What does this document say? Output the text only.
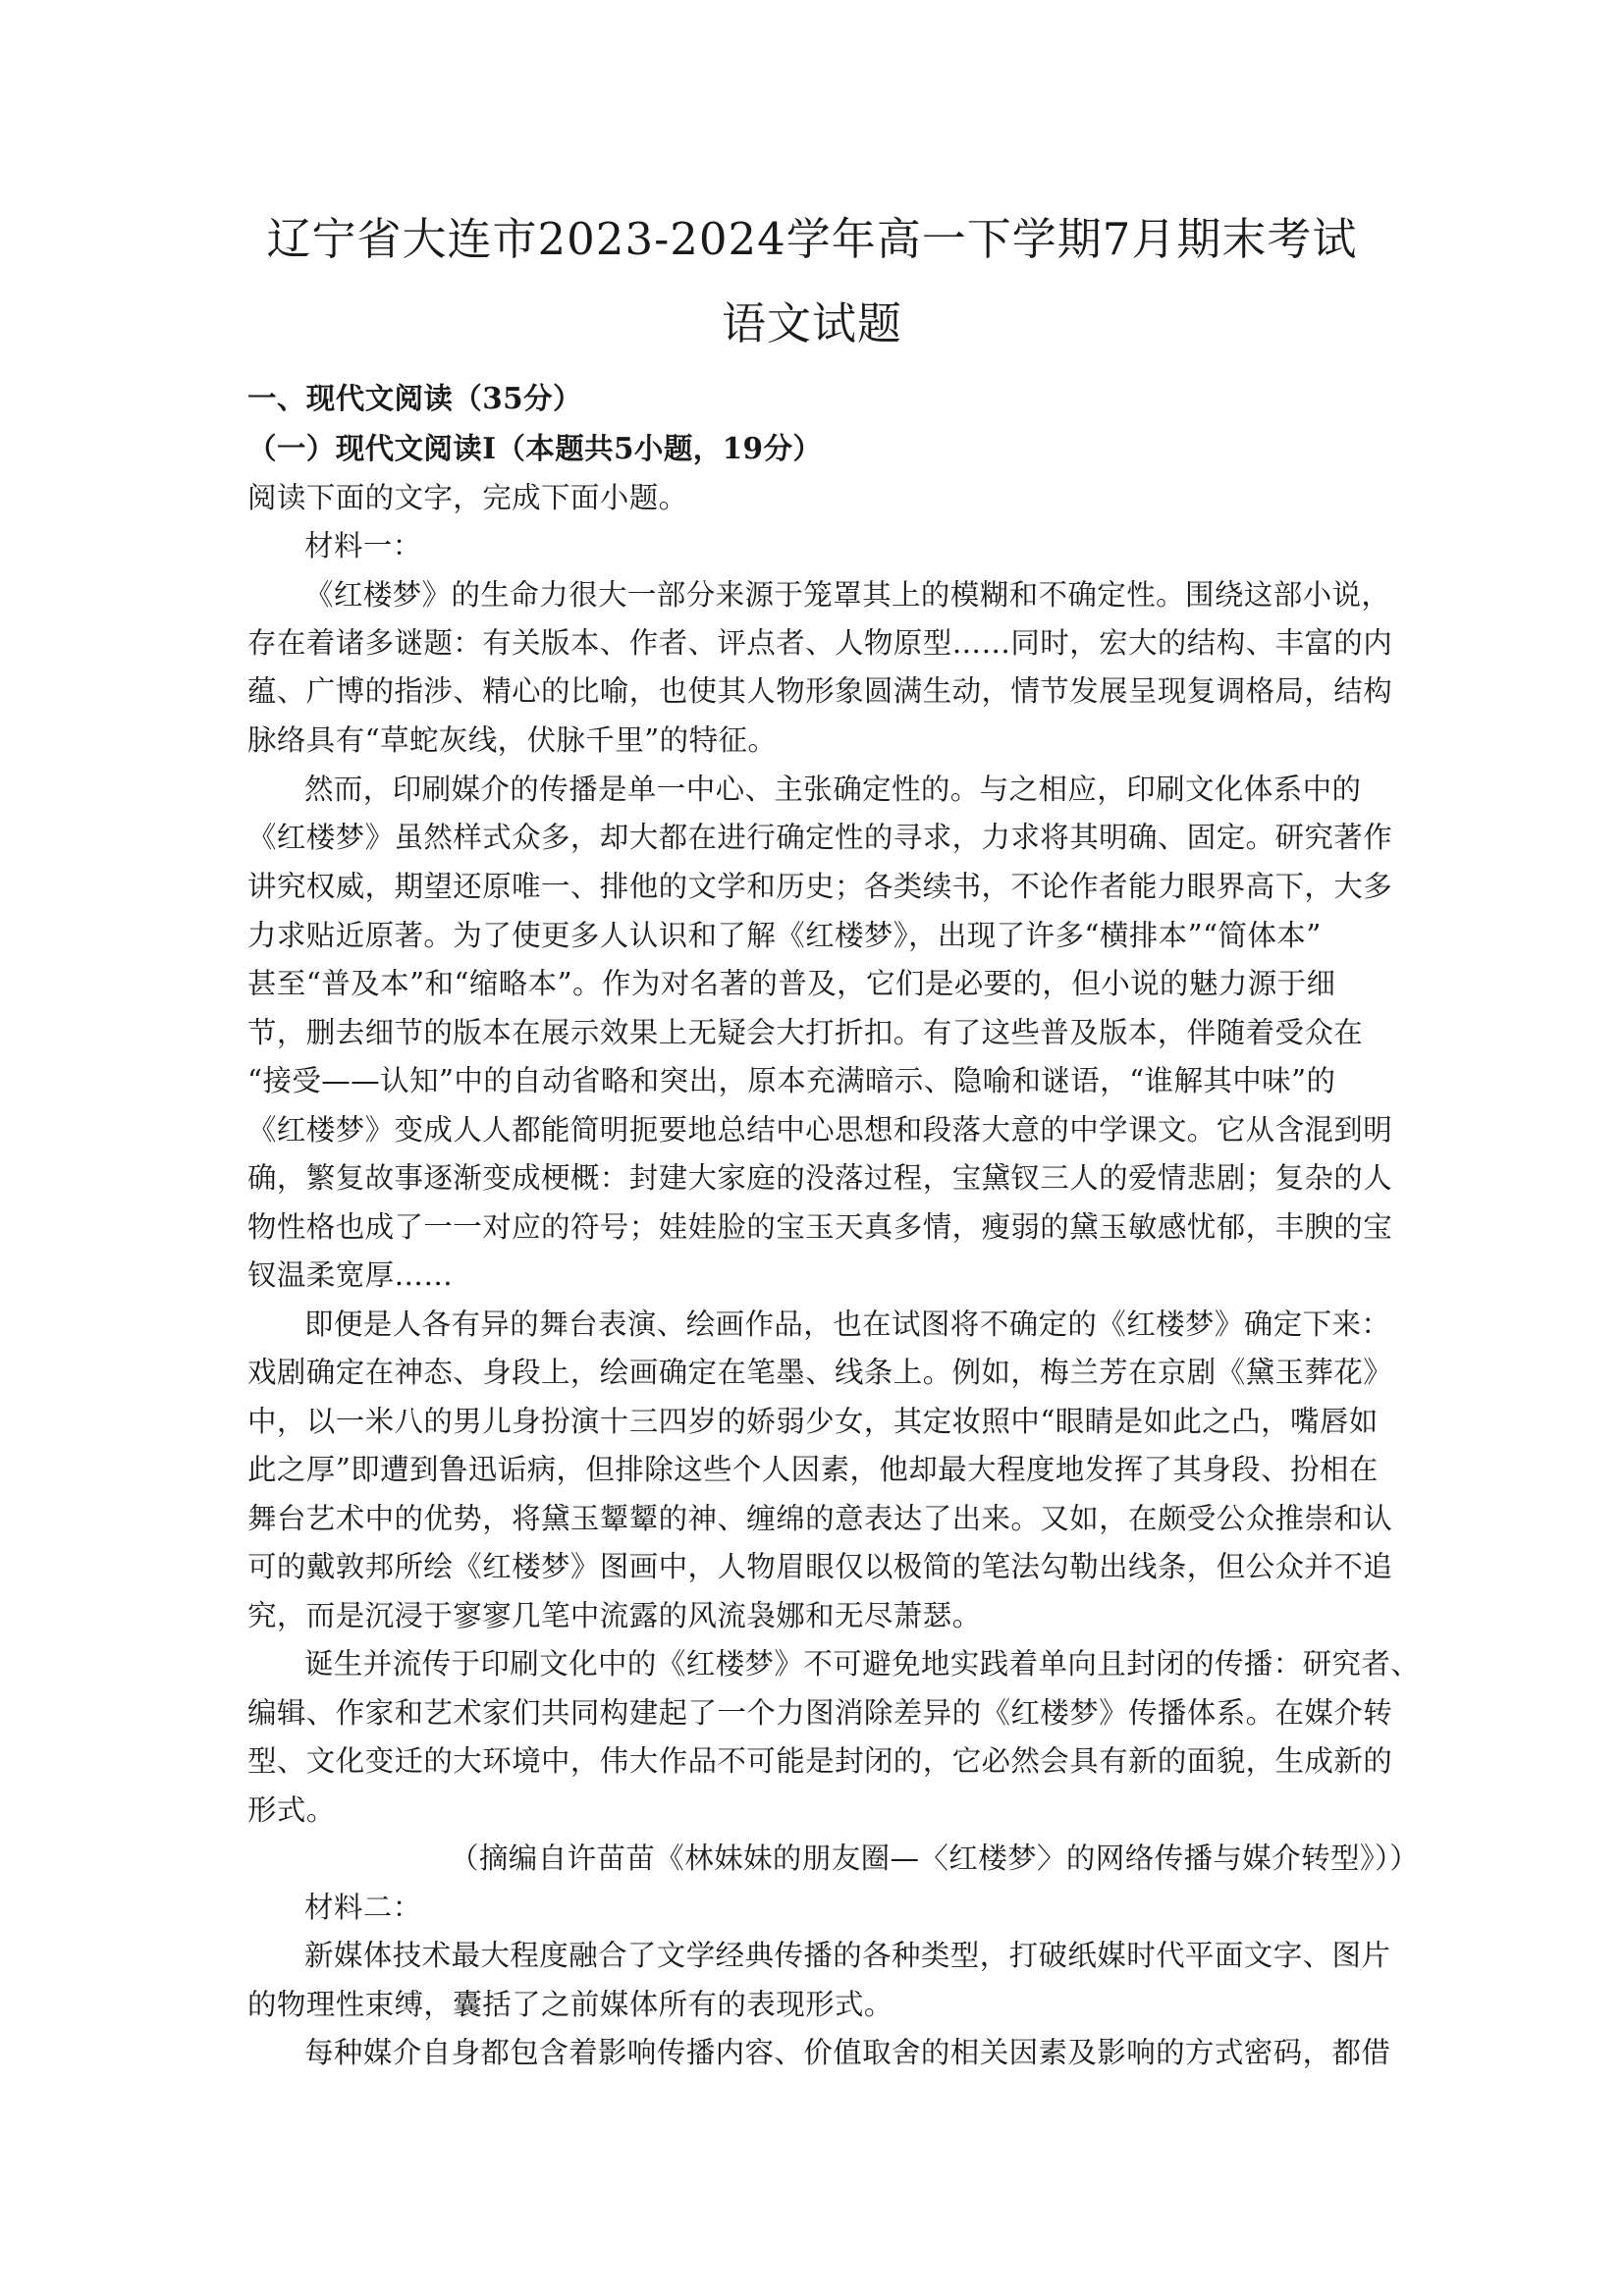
辽宁省大连市2023-2024学年高一下学期7月期末考试
语文试题
一、现代文阅读（35分）
（一）现代文阅读Ⅰ（本题共5小题，19分）
阅读下面的文字，完成下面小题。
材料一：
《红楼梦》的生命力很大一部分来源于笼罩其上的模糊和不确定性。围绕这部小说，
存在着诸多谜题：有关版本、作者、评点者、人物原型……同时，宏大的结构、丰富的内
蕴、广博的指涉、精心的比喻，也使其人物形象圆满生动，情节发展呈现复调格局，结构
脉络具有“草蛇灰线，伏脉千里”的特征。
然而，印刷媒介的传播是单一中心、主张确定性的。与之相应，印刷文化体系中的
《红楼梦》虽然样式众多，却大都在进行确定性的寻求，力求将其明确、固定。研究著作
讲究权威，期望还原唯一、排他的文学和历史；各类续书，不论作者能力眼界高下，大多
力求贴近原著。为了使更多人认识和了解《红楼梦》，出现了许多“横排本”“简体本”
甚至“普及本”和“缩略本”。作为对名著的普及，它们是必要的，但小说的魅力源于细
节，删去细节的版本在展示效果上无疑会大打折扣。有了这些普及版本，伴随着受众在
“接受——认知”中的自动省略和突出，原本充满暗示、隐喻和谜语，“谁解其中味”的
《红楼梦》变成人人都能简明扼要地总结中心思想和段落大意的中学课文。它从含混到明
确，繁复故事逐渐变成梗概：封建大家庭的没落过程，宝黛钗三人的爱情悲剧；复杂的人
物性格也成了一一对应的符号；娃娃脸的宝玉天真多情，瘦弱的黛玉敏感忧郁，丰腴的宝
钗温柔宽厚……
即便是人各有异的舞台表演、绘画作品，也在试图将不确定的《红楼梦》确定下来：
戏剧确定在神态、身段上，绘画确定在笔墨、线条上。例如，梅兰芳在京剧《黛玉葬花》
中，以一米八的男儿身扮演十三四岁的娇弱少女，其定妆照中“眼睛是如此之凸，嘴唇如
此之厚”即遭到鲁迅诟病，但排除这些个人因素，他却最大程度地发挥了其身段、扮相在
舞台艺术中的优势，将黛玉颦颦的神、缠绵的意表达了出来。又如，在颇受公众推崇和认
可的戴敦邦所绘《红楼梦》图画中，人物眉眼仅以极简的笔法勾勒出线条，但公众并不追
究，而是沉浸于寥寥几笔中流露的风流袅娜和无尽萧瑟。
诞生并流传于印刷文化中的《红楼梦》不可避免地实践着单向且封闭的传播：研究者、
编辑、作家和艺术家们共同构建起了一个力图消除差异的《红楼梦》传播体系。在媒介转
型、文化变迁的大环境中，伟大作品不可能是封闭的，它必然会具有新的面貌，生成新的
形式。
（摘编自许苗苗《林妹妹的朋友圈—〈红楼梦〉的网络传播与媒介转型》））
材料二：
新媒体技术最大程度融合了文学经典传播的各种类型，打破纸媒时代平面文字、图片
的物理性束缚，囊括了之前媒体所有的表现形式。
每种媒介自身都包含着影响传播内容、价值取舍的相关因素及影响的方式密码，都借
